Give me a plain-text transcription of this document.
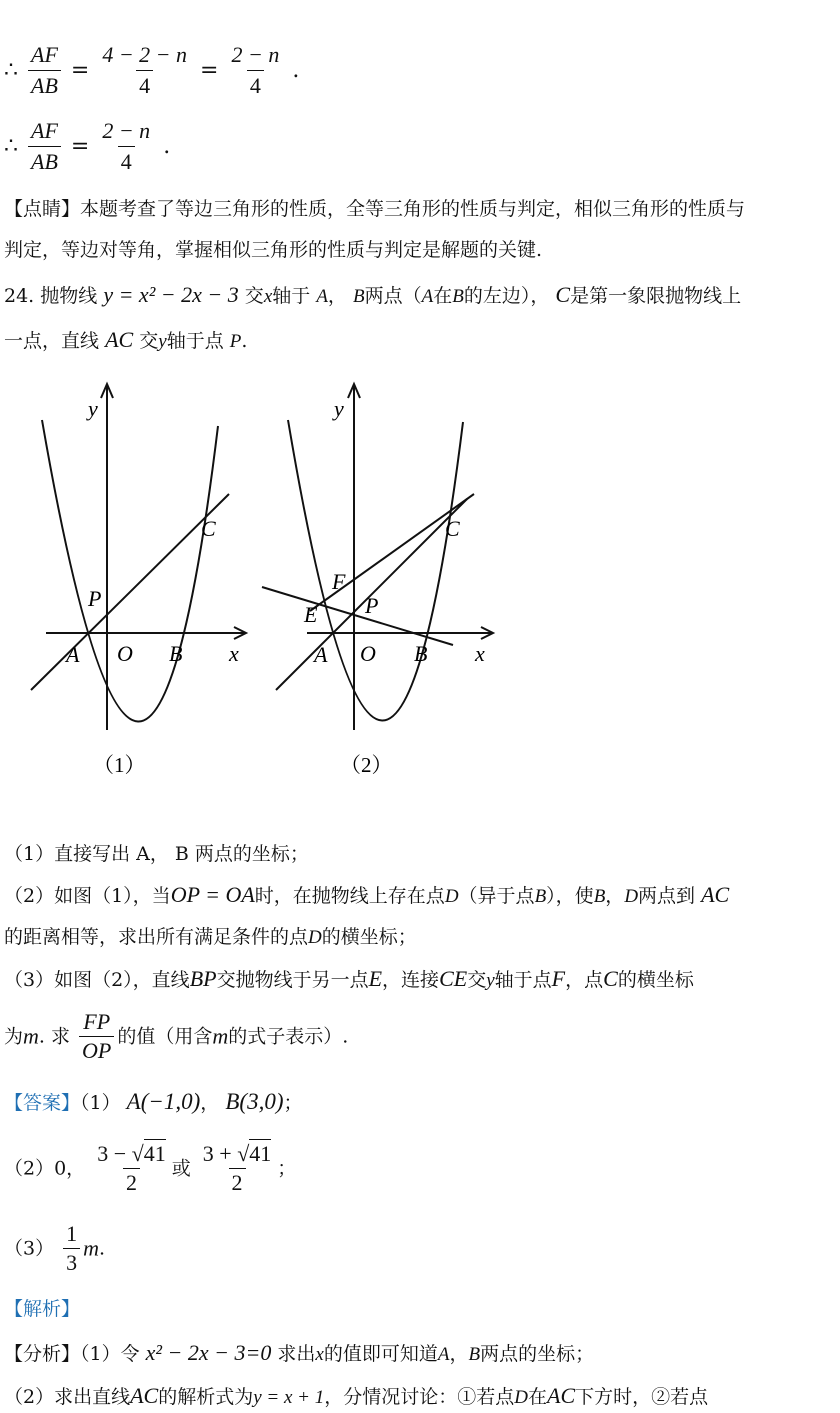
∴ $\frac{AF}{AB} = \frac{4 - 2 - n}{4} = \frac{2 - n}{4}$ .
∴ $\frac{AF}{AB} = \frac{2 - n}{4}$ .
【点睛】本题考查了等边三角形的性质，全等三角形的性质与判定，相似三角形的性质与
判定，等边对等角，掌握相似三角形的性质与判定是解题的关键.
24. 抛物线 y = x² − 2x − 3 交x轴于 A， B两点（A在B的左边）， C是第一象限抛物线上
一点，直线 AC 交y轴于点 P.
y
x
O
A	B
C
P
（1）
y
x
O
A	B
C
P
E
F
（2）
（1）直接写出 A， B 两点的坐标；
（2）如图（1），当OP = OA时，在抛物线上存在点D（异于点B），使B，D两点到 AC
的距离相等，求出所有满足条件的点D的横坐标；
（3）如图（2），直线BP交抛物线于另一点E，连接CE交y轴于点F，点C的横坐标
为m. 求 $\frac{FP}{OP}$ 的值（用含m的式子表示）.
【答案】（1） A(−1,0)， B(3,0)；
（2）0， $\frac{3 - √41}{2}$ 或 $\frac{3 + √41}{2}$ ；
$(3) \frac{1}{3} m$.
【解析】
【分析】（1）令 x² − 2x − 3=0 求出x的值即可知道A，B两点的坐标；
（2）求出直线AC的解析式为y = x + 1，分情况讨论：①若点D在AC下方时，②若点
